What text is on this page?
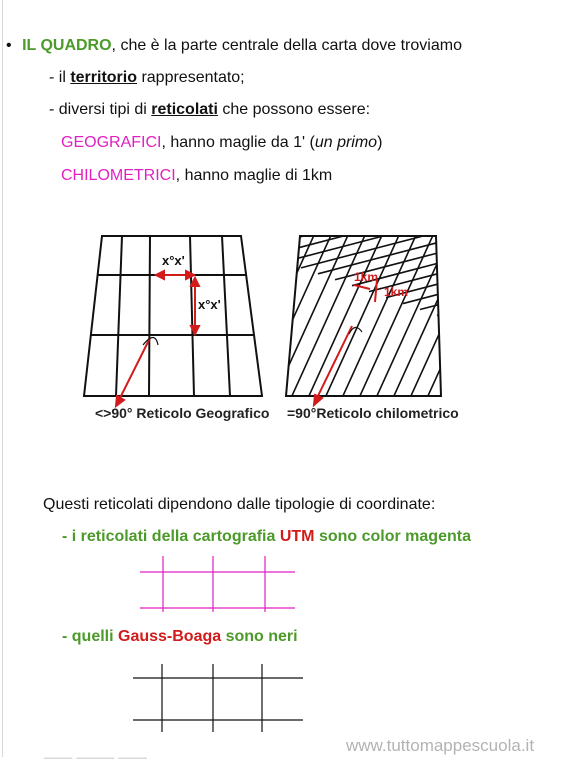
• IL QUADRO, che è la parte centrale della carta dove troviamo
- il territorio rappresentato;
- diversi tipi di reticolati che possono essere:
GEOGRAFICI, hanno maglie da 1' (un primo)
CHILOMETRICI, hanno maglie di 1km
x°x'
x°x'
<>90° Reticolo Geografico
1km
1km
=90°Reticolo chilometrico
Questi reticolati dipendono dalle tipologie di coordinate:
- i reticolati della cartografia UTM sono color magenta
- quelli Gauss-Boaga sono neri
ــــــ ــــــــ ــــــ	www.tuttomappescuola.it
